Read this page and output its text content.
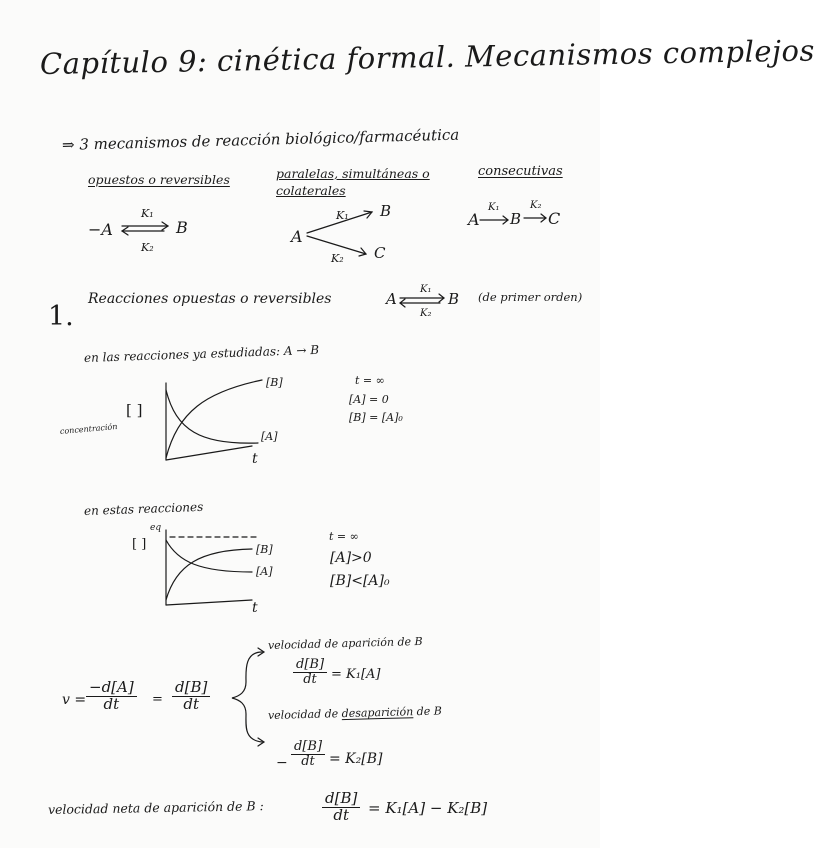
Capítulo 9: cinética formal. Mecanismos complejos
⇒ 3 mecanismos de reacción biológico/farmacéutica
opuestos o reversibles	paralelas, simultáneas o colaterales
consecutivas
−A
K₁
K₂
B	A
K₁
K₂
B
C
A
K₁
B
K₂
C
1.
Reacciones opuestas o reversibles	A
K₁
K₂
B (de primer orden)
en las reacciones ya estudiadas: A → B
[ ]
concentración
[B]
[A]
t
t = ∞
[A] = 0
[B] = [A]₀
en estas reacciones
eq
[ ]	[B]
[A]
t
t = ∞
[A]>0
[B]<[A]₀
$v = \frac{-d[A]}{dt} = \frac{d[B]}{dt}$
velocidad de aparición de B
$\frac{d[B]}{dt} = K_1[A]$
velocidad de desaparición de B
− $\frac{d[B]}{dt} = K_2[B]$
velocidad neta de aparición de B :	$\frac{d[B]}{dt} = K_1[A] - K_2[B]$
